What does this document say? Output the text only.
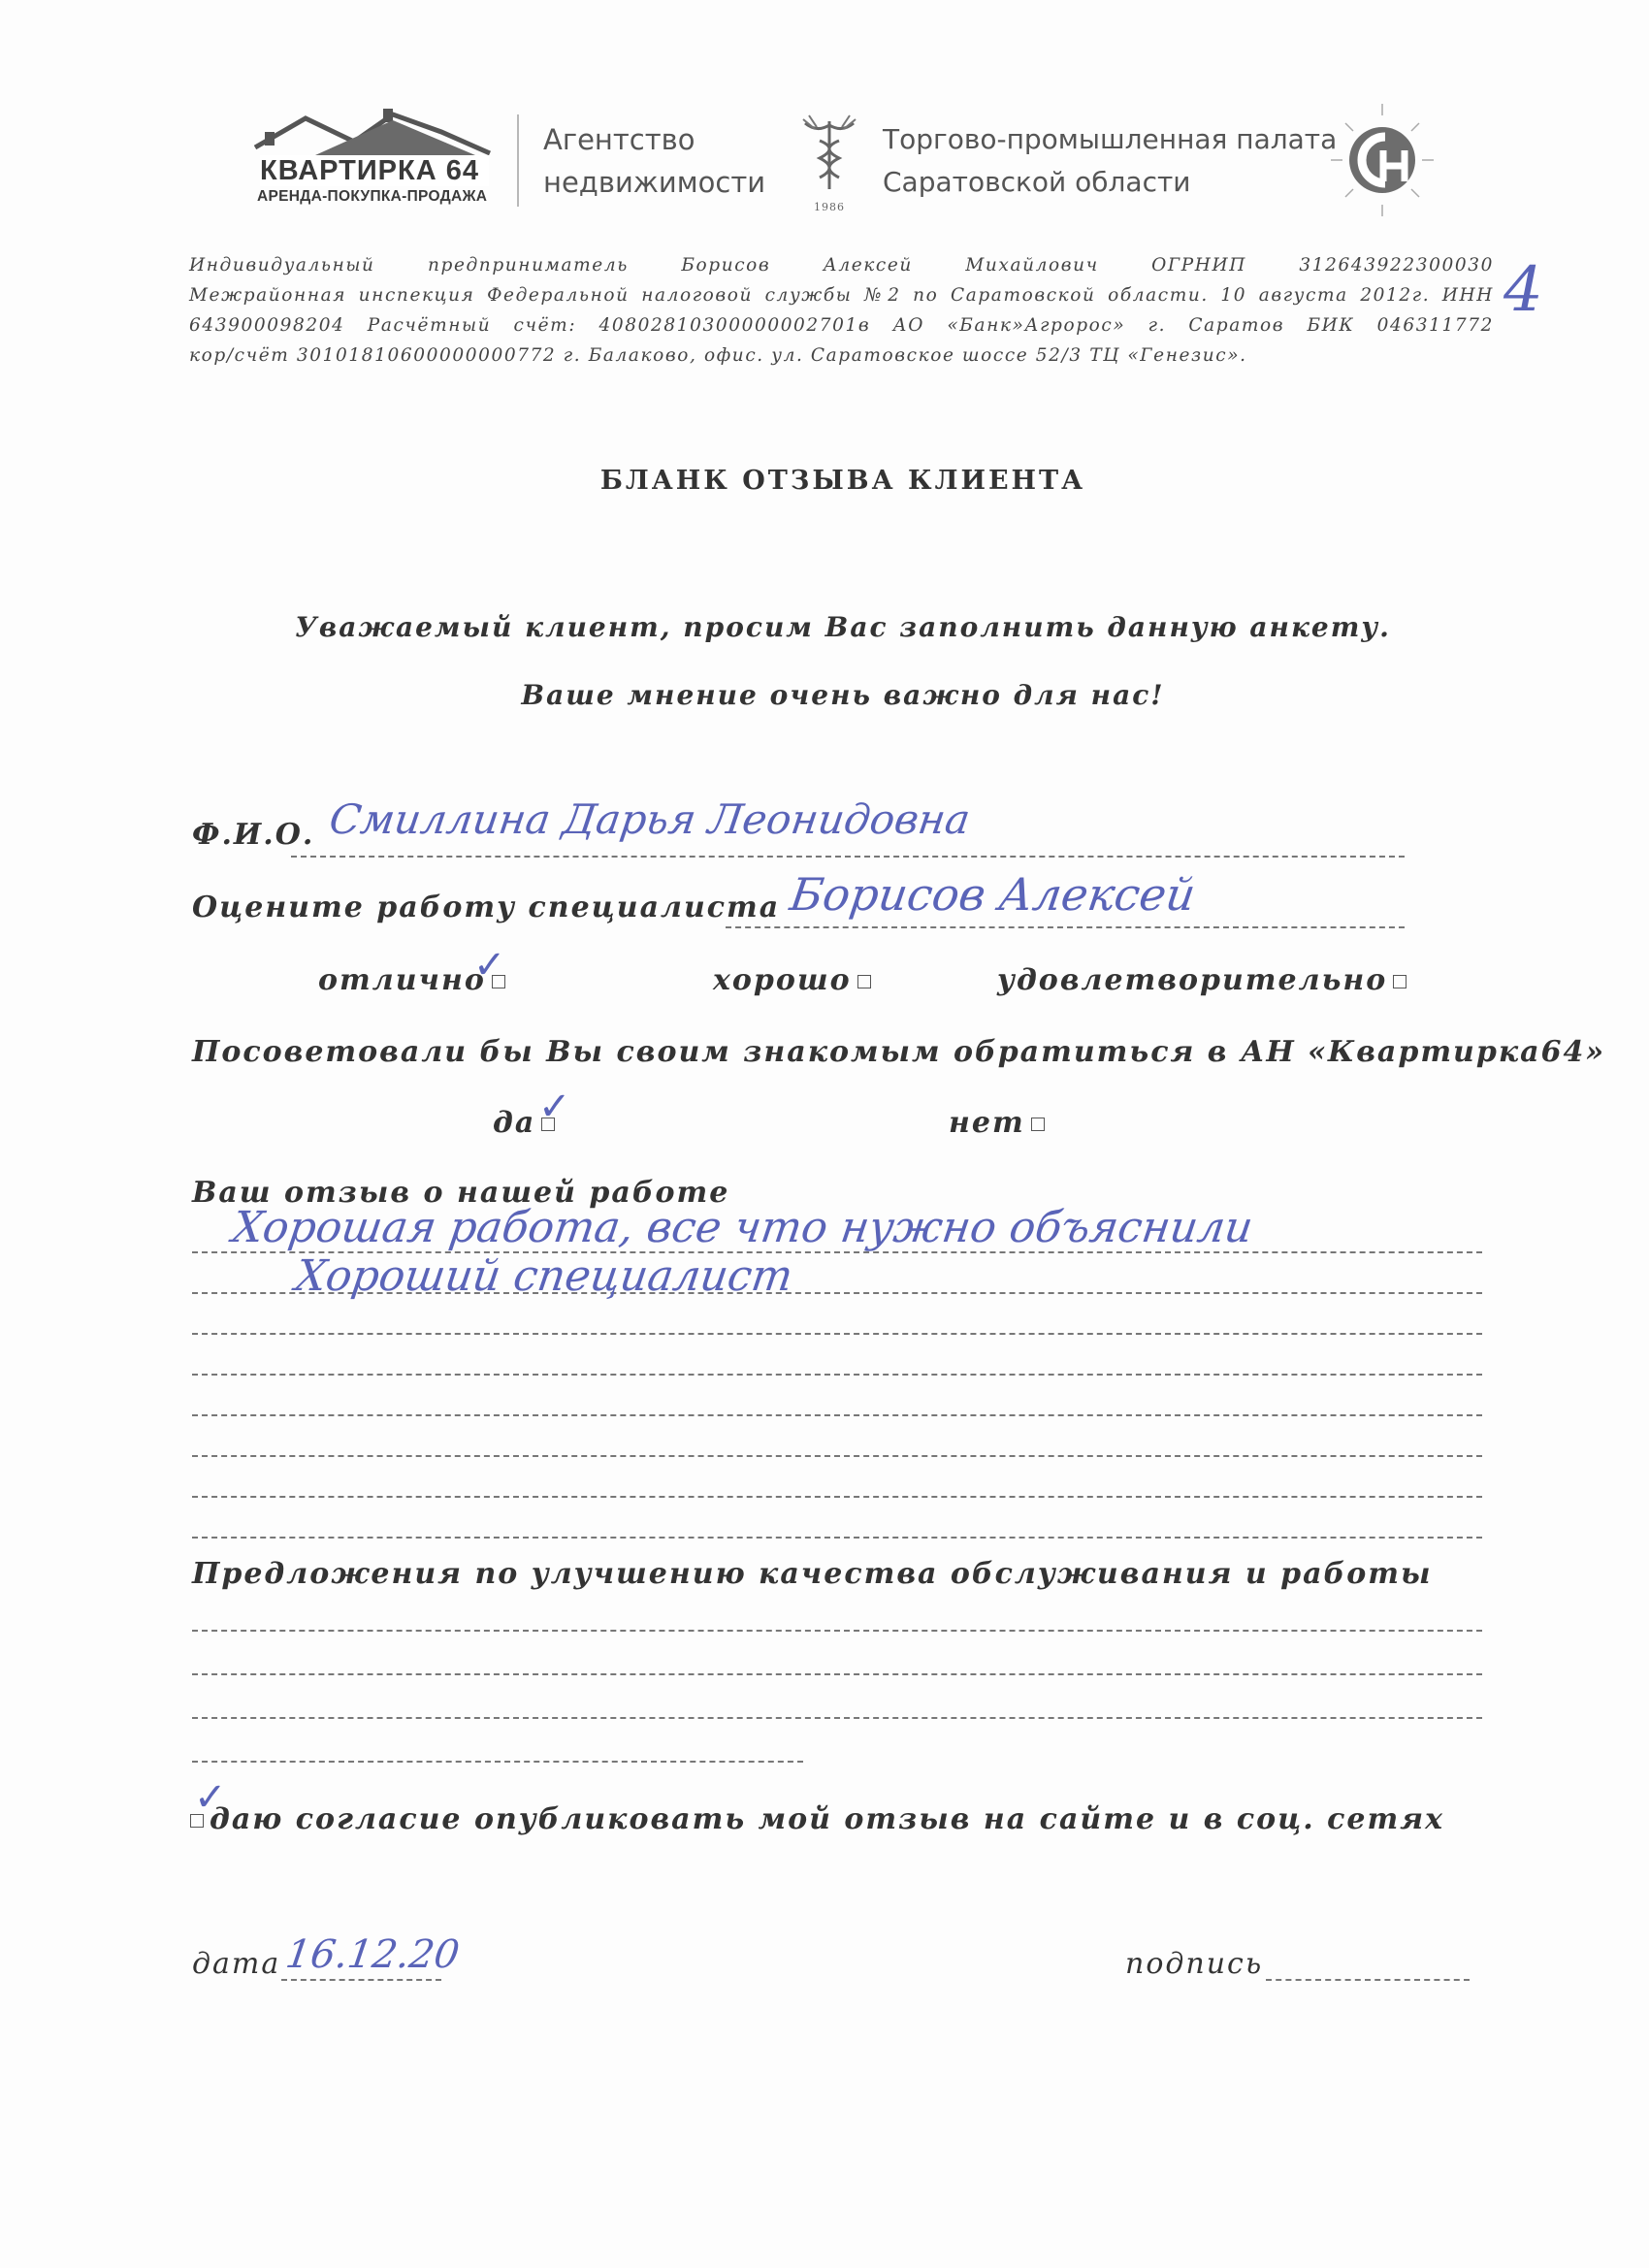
КВАРТИРКА 64
АРЕНДА-ПОКУПКА-ПРОДАЖА
Агентство
недвижимости
1986
Торгово-промышленная палата
Саратовской области
Индивидуальный предприниматель Борисов Алексей Михайлович ОГРНИП 312643922300030
Межрайонная инспекция Федеральной налоговой службы №2 по Саратовской области. 10 августа 2012г. ИНН
643900098204 Расчётный счёт: 40802810300000002701в АО «Банк»Агророс» г. Саратов БИК 046311772
кор/счёт 30101810600000000772 г. Балаково, офис. ул. Саратовское шоссе 52/3 ТЦ «Генезис».
4
БЛАНК ОТЗЫВА КЛИЕНТА
Уважаемый клиент, просим Вас заполнить данную анкету.
Ваше мнение очень важно для нас!
Ф.И.О. Смиллина Дарья Леонидовна
Оцените работу специалиста Борисов Алексей
отлично
✓	хорошо	удовлетворительно
Посоветовали бы Вы своим знакомым обратиться в АН «Квартирка64»
да ✓	нет
Ваш отзыв о нашей работе
Хорошая работа, все что нужно объяснили
Хороший специалист
Предложения по улучшению качества обслуживания и работы
даю согласие опубликовать мой отзыв на сайте и в соц. сетях
✓
дата 16.12.20	подпись
